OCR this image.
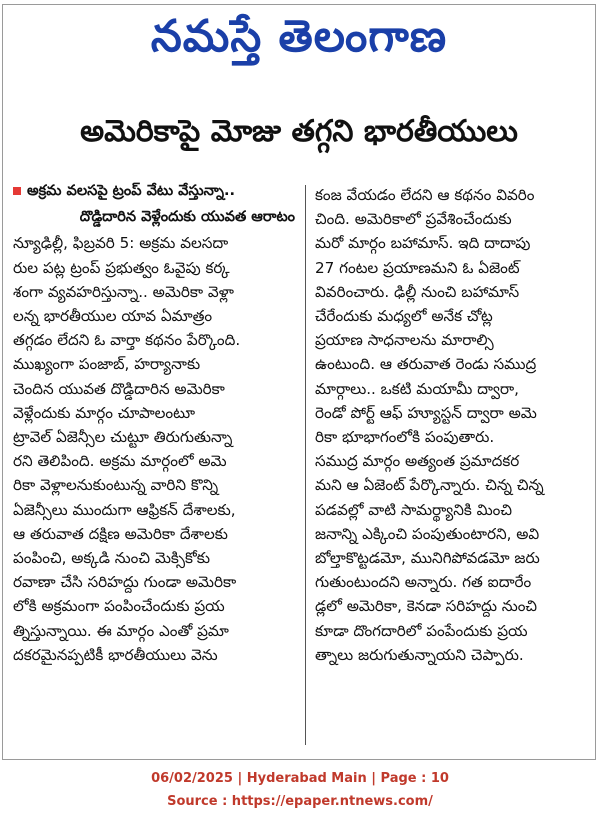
నమస్తే తెలంగాణ
అమెరికాపై మోజు తగ్గని భారతీయులు
అక్రమ వలసపై ట్రంప్ వేటు వేస్తున్నా..
దొడ్డిదారిన వెళ్లేందుకు యువత ఆరాటం
న్యూఢిల్లీ, ఫిబ్రవరి 5: అక్రమ వలసదా
రుల పట్ల ట్రంప్ ప్రభుత్వం ఓవైపు కర్క
శంగా వ్యవహరిస్తున్నా.. అమెరికా వెళ్లా
లన్న భారతీయుల యావ ఏమాత్రం
తగ్గడం లేదని ఓ వార్తా కథనం పేర్కొంది.
ముఖ్యంగా పంజాబ్, హర్యానాకు
చెందిన యువత దొడ్డిదారిన అమెరికా
వెళ్లేందుకు మార్గం చూపాలంటూ
ట్రావెల్ ఏజెన్సీల చుట్టూ తిరుగుతున్నా
రని తెలిపింది. అక్రమ మార్గంలో అమె
రికా వెళ్లాలనుకుంటున్న వారిని కొన్ని
ఏజెన్సీలు ముందుగా ఆఫ్రికన్ దేశాలకు,
ఆ తరువాత దక్షిణ అమెరికా దేశాలకు
పంపించి, అక్కడి నుంచి మెక్సికోకు
రవాణా చేసి సరిహద్దు గుండా అమెరికా
లోకి అక్రమంగా పంపించేందుకు ప్రయ
త్నిస్తున్నాయి. ఈ మార్గం ఎంతో ప్రమా
దకరమైనప్పటికీ భారతీయులు వెను
కంజ వేయడం లేదని ఆ కథనం వివరిం
చింది. అమెరికాలో ప్రవేశించేందుకు
మరో మార్గం బహామాస్. ఇది దాదాపు
27 గంటల ప్రయాణమని ఓ ఏజెంట్
వివరించారు. ఢిల్లీ నుంచి బహామాస్
చేరేందుకు మధ్యలో అనేక చోట్ల
ప్రయాణ సాధనాలను మారాల్సి
ఉంటుంది. ఆ తరువాత రెండు సముద్ర
మార్గాలు.. ఒకటి మయామీ ద్వారా,
రెండో పోర్ట్ ఆఫ్ హ్యూస్టన్ ద్వారా అమె
రికా భూభాగంలోకి పంపుతారు.
సముద్ర మార్గం అత్యంత ప్రమాదకర
మని ఆ ఏజెంట్ పేర్కొన్నారు. చిన్న చిన్న
పడవల్లో వాటి సామర్థ్యానికి మించి
జనాన్ని ఎక్కించి పంపుతుంటారని, అవి
బోల్తాకొట్టడమో, మునిగిపోవడమో జరు
గుతుంటుందని అన్నారు. గత ఐదారేం
డ్లలో అమెరికా, కెనడా సరిహద్దు నుంచి
కూడా దొంగదారిలో పంపేందుకు ప్రయ
త్నాలు జరుగుతున్నాయని చెప్పారు.
06/02/2025 | Hyderabad Main | Page : 10
Source : https://epaper.ntnews.com/
